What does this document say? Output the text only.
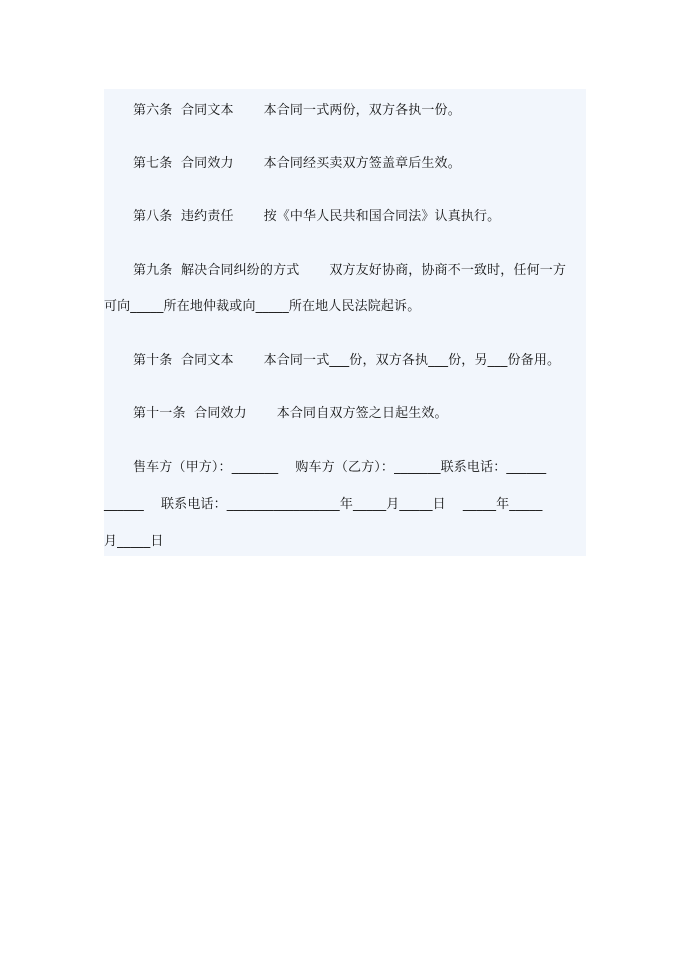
第六条  合同文本       本合同一式两份，双方各执一份。
第七条  合同效力       本合同经买卖双方签盖章后生效。
第八条  违约责任       按《中华人民共和国合同法》认真执行。
第九条  解决合同纠纷的方式       双方友好协商，协商不一致时，任何一方
可向_____所在地仲裁或向_____所在地人民法院起诉。
第十条  合同文本       本合同一式___份，双方各执___份，另___份备用。
第十一条  合同效力       本合同自双方签之日起生效。
售车方（甲方）：_______    购车方（乙方）：_______联系电话：______
______    联系电话：_________________年_____月_____日    _____年_____
月_____日
